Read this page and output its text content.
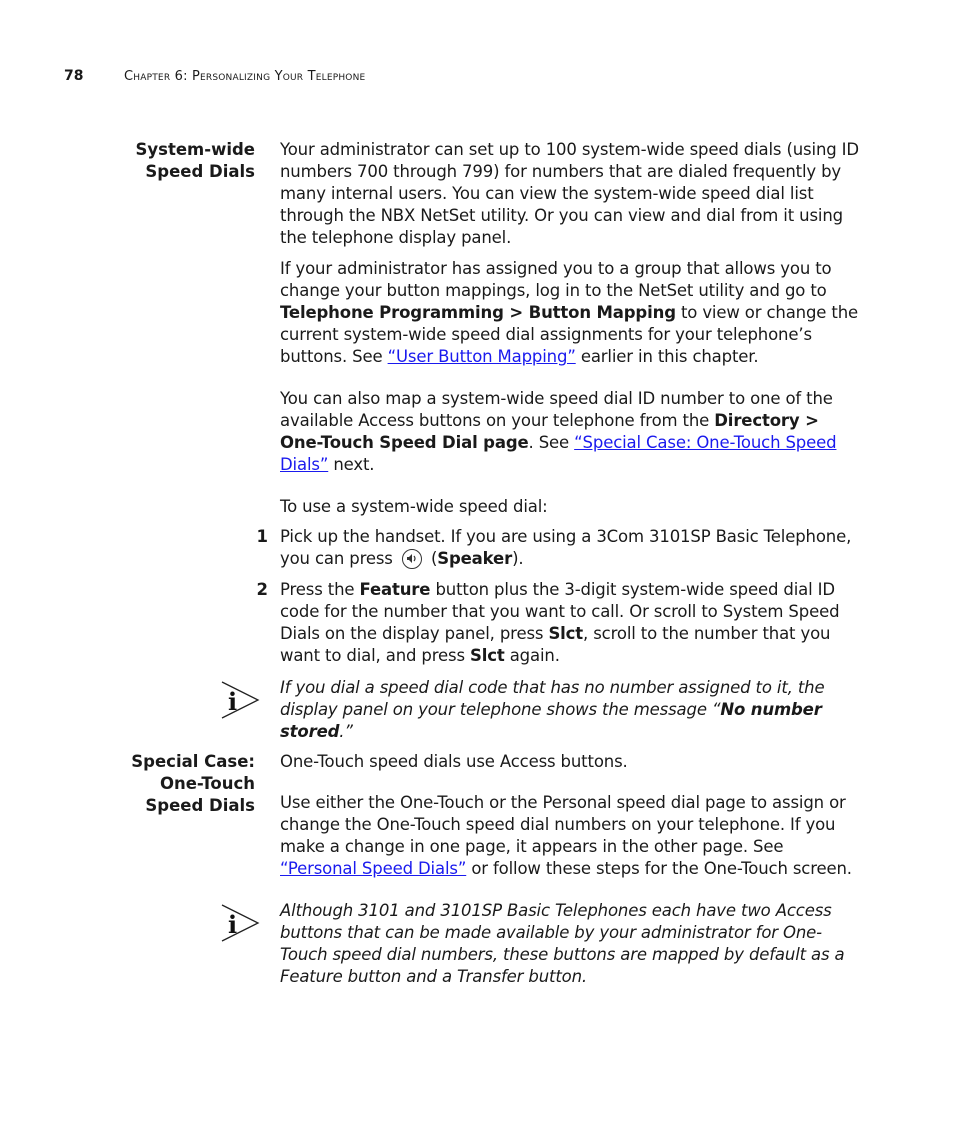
78	Chapter 6: Personalizing Your Telephone
System-wide
Speed Dials
Your administrator can set up to 100 system-wide speed dials (using ID numbers 700 through 799) for numbers that are dialed frequently by many internal users. You can view the system-wide speed dial list through the NBX NetSet utility. Or you can view and dial from it using the telephone display panel.
If your administrator has assigned you to a group that allows you to change your button mappings, log in to the NetSet utility and go to Telephone Programming > Button Mapping to view or change the current system-wide speed dial assignments for your telephone’s buttons. See “User Button Mapping” earlier in this chapter.
You can also map a system-wide speed dial ID number to one of the available Access buttons on your telephone from the Directory > One-Touch Speed Dial page. See “Special Case: One-Touch Speed Dials” next.
To use a system-wide speed dial:
1 Pick up the handset. If you are using a 3Com 3101SP Basic Telephone, you can press
(Speaker).
2 Press the Feature button plus the 3-digit system-wide speed dial ID code for the number that you want to call. Or scroll to System Speed Dials on the display panel, press Slct, scroll to the number that you want to dial, and press Slct again.
i	If you dial a speed dial code that has no number assigned to it, the display panel on your telephone shows the message “No number stored.”
Special Case:
One-Touch
Speed Dials
One-Touch speed dials use Access buttons.
Use either the One-Touch or the Personal speed dial page to assign or change the One-Touch speed dial numbers on your telephone. If you make a change in one page, it appears in the other page. See “Personal Speed Dials” or follow these steps for the One-Touch screen.
i	Although 3101 and 3101SP Basic Telephones each have two Access buttons that can be made available by your administrator for One-Touch speed dial numbers, these buttons are mapped by default as a Feature button and a Transfer button.
